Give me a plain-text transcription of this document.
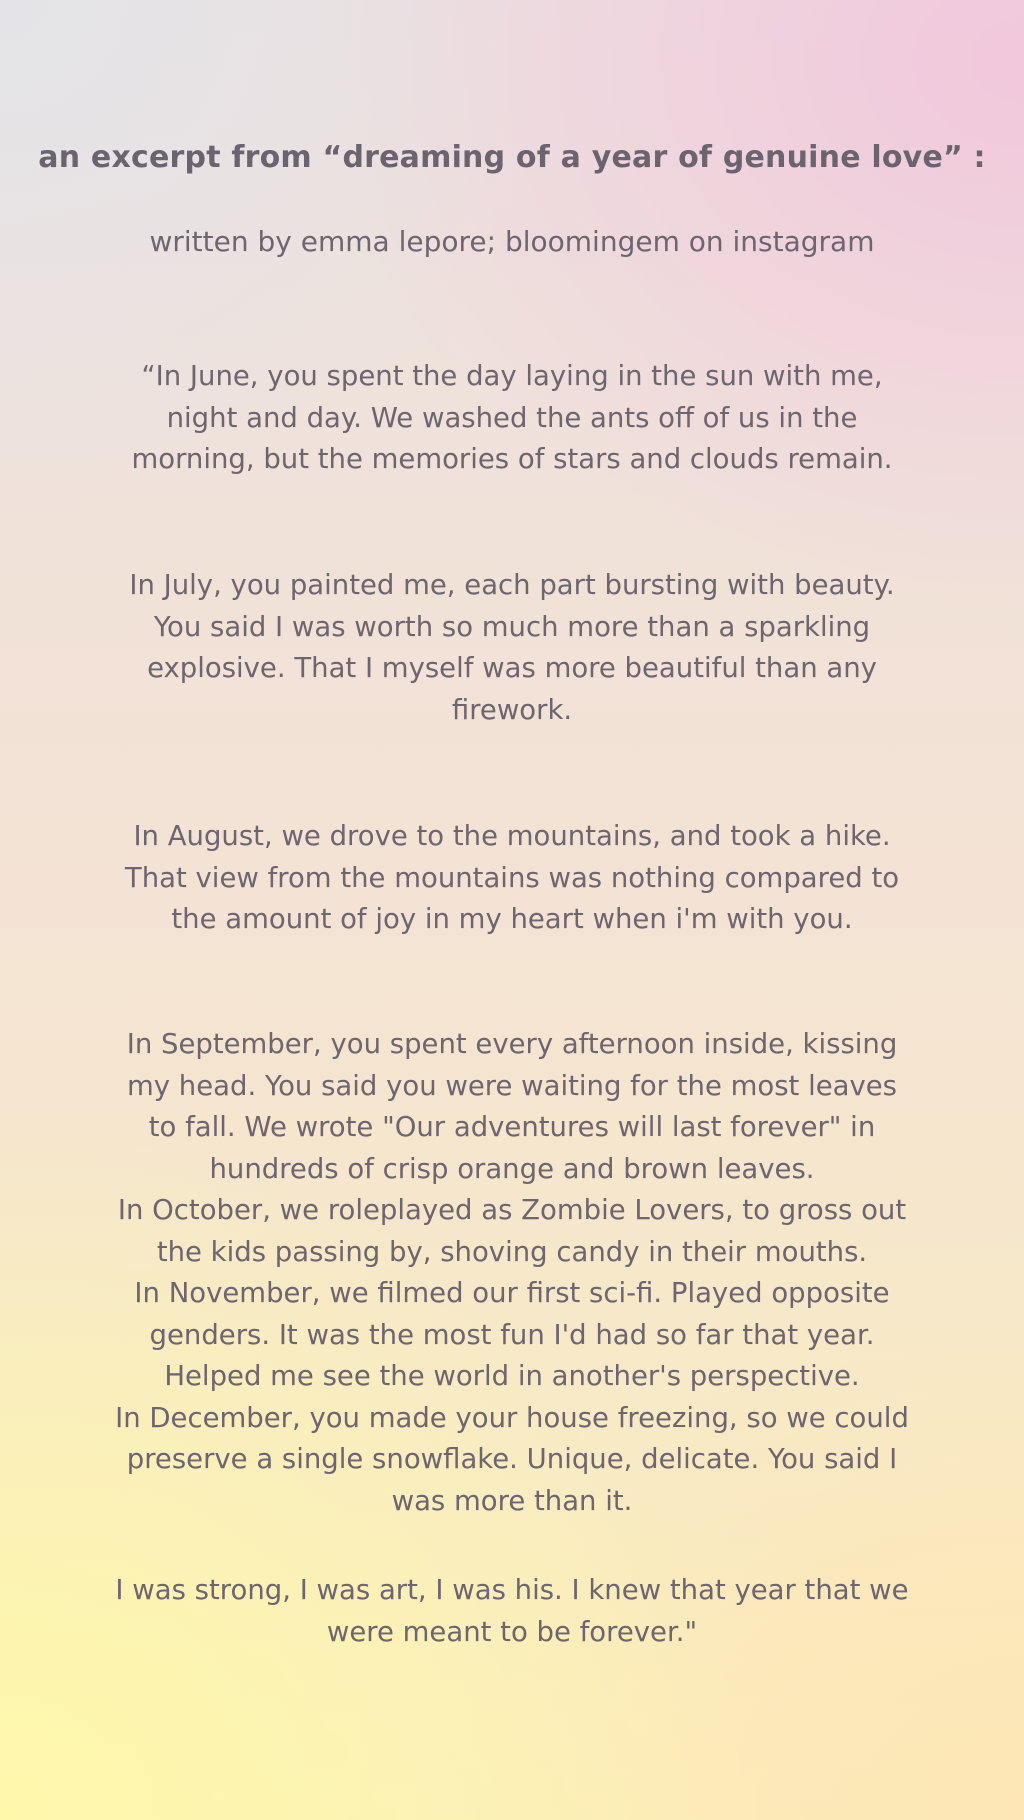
an excerpt from “dreaming of a year of genuine love” :

written by emma lepore; bloomingem on instagram

“In June, you spent the day laying in the sun with me,
night and day. We washed the ants off of us in the
morning, but the memories of stars and clouds remain.
In July, you painted me, each part bursting with beauty.
You said I was worth so much more than a sparkling
explosive. That I myself was more beautiful than any
firework.
In August, we drove to the mountains, and took a hike.
That view from the mountains was nothing compared to
the amount of joy in my heart when i'm with you.
In September, you spent every afternoon inside, kissing
my head. You said you were waiting for the most leaves
to fall. We wrote "Our adventures will last forever" in
hundreds of crisp orange and brown leaves.
In October, we roleplayed as Zombie Lovers, to gross out
the kids passing by, shoving candy in their mouths.
In November, we filmed our first sci-fi. Played opposite
genders. It was the most fun I'd had so far that year.
Helped me see the world in another's perspective.
In December, you made your house freezing, so we could
preserve a single snowflake. Unique, delicate. You said I
was more than it.
I was strong, I was art, I was his. I knew that year that we
were meant to be forever."
